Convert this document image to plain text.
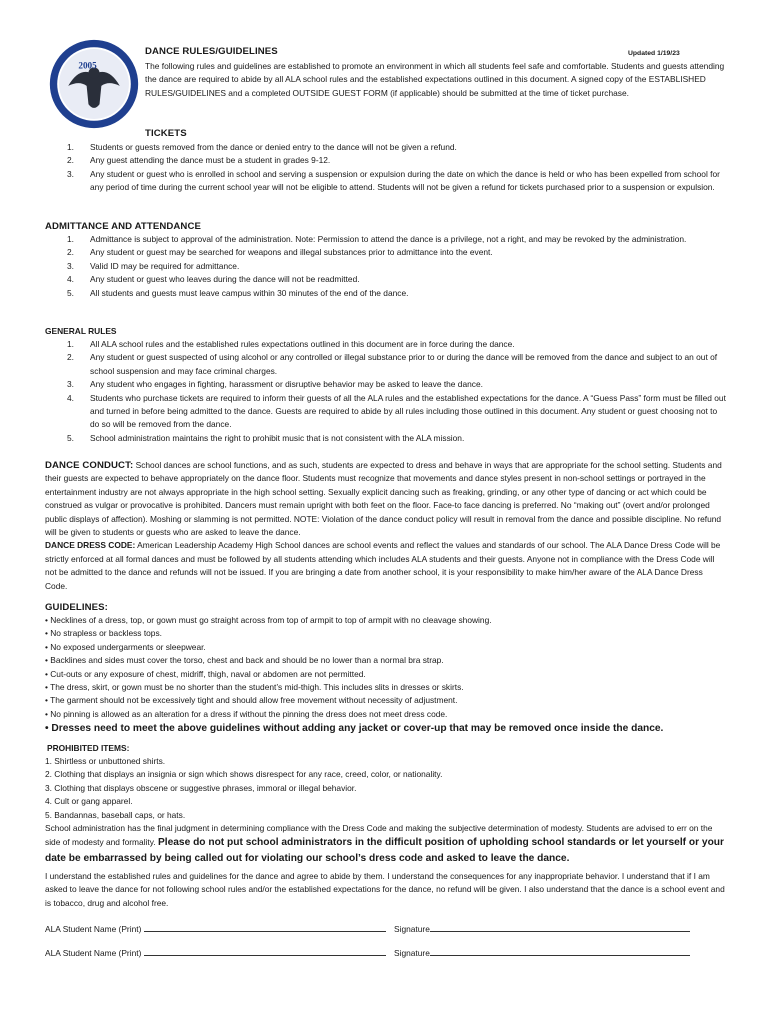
2005
DANCE RULES/GUIDELINES	Updated 1/19/23

The following rules and guidelines are established to promote an environment in which all students feel safe and comfortable. Students and guests attending the dance are required to abide by all ALA school rules and the established expectations outlined in this document. A signed copy of the ESTABLISHED RULES/GUIDELINES and a completed OUTSIDE GUEST FORM (if applicable) should be submitted at the time of ticket purchase.

TICKETS
1. Students or guests removed from the dance or denied entry to the dance will not be given a refund.
2. Any guest attending the dance must be a student in grades 9-12.
3. Any student or guest who is enrolled in school and serving a suspension or expulsion during the date on which the dance is held or who has been expelled from school for any period of time during the current school year will not be eligible to attend. Students will not be given a refund for tickets purchased prior to a suspension or expulsion.
ADMITTANCE AND ATTENDANCE
1. Admittance is subject to approval of the administration. Note: Permission to attend the dance is a privilege, not a right, and may be revoked by the administration.
2. Any student or guest may be searched for weapons and illegal substances prior to admittance into the event.
3. Valid ID may be required for admittance.
4. Any student or guest who leaves during the dance will not be readmitted.
5. All students and guests must leave campus within 30 minutes of the end of the dance.
GENERAL RULES
1. All ALA school rules and the established rules expectations outlined in this document are in force during the dance.
2. Any student or guest suspected of using alcohol or any controlled or illegal substance prior to or during the dance will be removed from the dance and subject to an out of school suspension and may face criminal charges.
3. Any student who engages in fighting, harassment or disruptive behavior may be asked to leave the dance.
4. Students who purchase tickets are required to inform their guests of all the ALA rules and the established expectations for the dance. A “Guess Pass” form must be filled out and turned in before being admitted to the dance. Guests are required to abide by all rules including those outlined in this document. Any student or guest choosing not to do so will be removed from the dance.
5. School administration maintains the right to prohibit music that is not consistent with the ALA mission.

DANCE CONDUCT: School dances are school functions, and as such, students are expected to dress and behave in ways that are appropriate for the school setting. Students and their guests are expected to behave appropriately on the dance floor. Students must recognize that movements and dance styles present in non-school settings or portrayed in the entertainment industry are not always appropriate in the high school setting. Sexually explicit dancing such as freaking, grinding, or any other type of dancing or act which could be construed as vulgar or provocative is prohibited. Dancers must remain upright with both feet on the floor. Face-to face dancing is preferred. No “making out” (overt and/or prolonged public displays of affection). Moshing or slamming is not permitted. NOTE: Violation of the dance conduct policy will result in removal from the dance and possible discipline. No refund will be given to students or guests who are asked to leave the dance.
DANCE DRESS CODE: American Leadership Academy High School dances are school events and reflect the values and standards of our school. The ALA Dance Dress Code will be strictly enforced at all formal dances and must be followed by all students attending which includes ALA students and their guests. Anyone not in compliance with the Dress Code will not be admitted to the dance and refunds will not be issued. If you are bringing a date from another school, it is your responsibility to make him/her aware of the ALA Dance Dress Code.

GUIDELINES:
• Necklines of a dress, top, or gown must go straight across from top of armpit to top of armpit with no cleavage showing.
• No strapless or backless tops.
• No exposed undergarments or sleepwear.
• Backlines and sides must cover the torso, chest and back and should be no lower than a normal bra strap.
• Cut-outs or any exposure of chest, midriff, thigh, naval or abdomen are not permitted.
• The dress, skirt, or gown must be no shorter than the student’s mid-thigh. This includes slits in dresses or skirts.
• The garment should not be excessively tight and should allow free movement without necessity of adjustment.
• No pinning is allowed as an alteration for a dress if without the pinning the dress does not meet dress code.
• Dresses need to meet the above guidelines without adding any jacket or cover-up that may be removed once inside the dance.
PROHIBITED ITEMS:
1. Shirtless or unbuttoned shirts.
2. Clothing that displays an insignia or sign which shows disrespect for any race, creed, color, or nationality.
3. Clothing that displays obscene or suggestive phrases, immoral or illegal behavior.
4. Cult or gang apparel.
5. Bandannas, baseball caps, or hats.

School administration has the final judgment in determining compliance with the Dress Code and making the subjective determination of modesty. Students are advised to err on the side of modesty and formality. Please do not put school administrators in the difficult position of upholding school standards or let yourself or your date be embarrassed by being called out for violating our school’s dress code and asked to leave the dance.

I understand the established rules and guidelines for the dance and agree to abide by them. I understand the consequences for any inappropriate behavior. I understand that if I am asked to leave the dance for not following school rules and/or the established expectations for the dance, no refund will be given. I also understand that the dance is a school event and is tobacco, drug and alcohol free.

ALA Student Name (Print)	Signature
ALA Student Name (Print)	Signature
